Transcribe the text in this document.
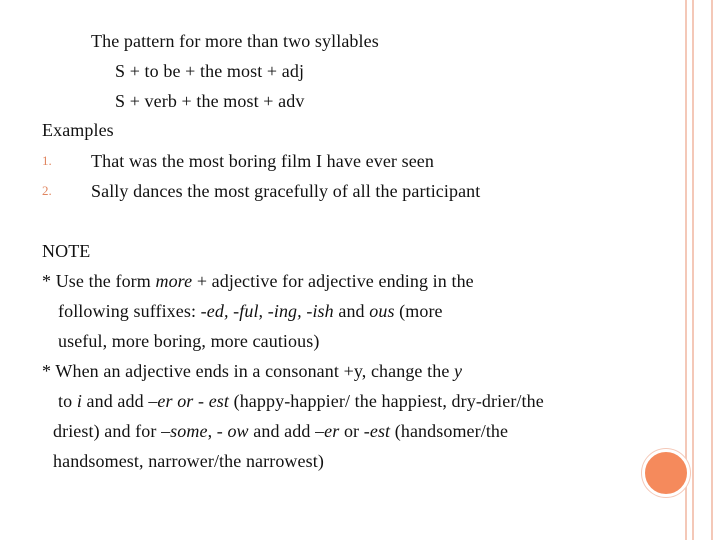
The pattern for more than two syllables
S + to be + the most + adj
S + verb + the most + adv
Examples
1. That was the most boring film I have ever seen
2. Sally dances the most gracefully of all the participant
NOTE
* Use the form more + adjective for adjective ending in the
following suffixes: -ed, -ful, -ing, -ish and ous (more
useful, more boring, more cautious)
* When an adjective ends in a consonant +y, change the y
to i and add –er or - est (happy-happier/ the happiest, dry-drier/the
driest) and for –some, - ow and add –er or -est (handsomer/the
handsomest, narrower/the narrowest)
